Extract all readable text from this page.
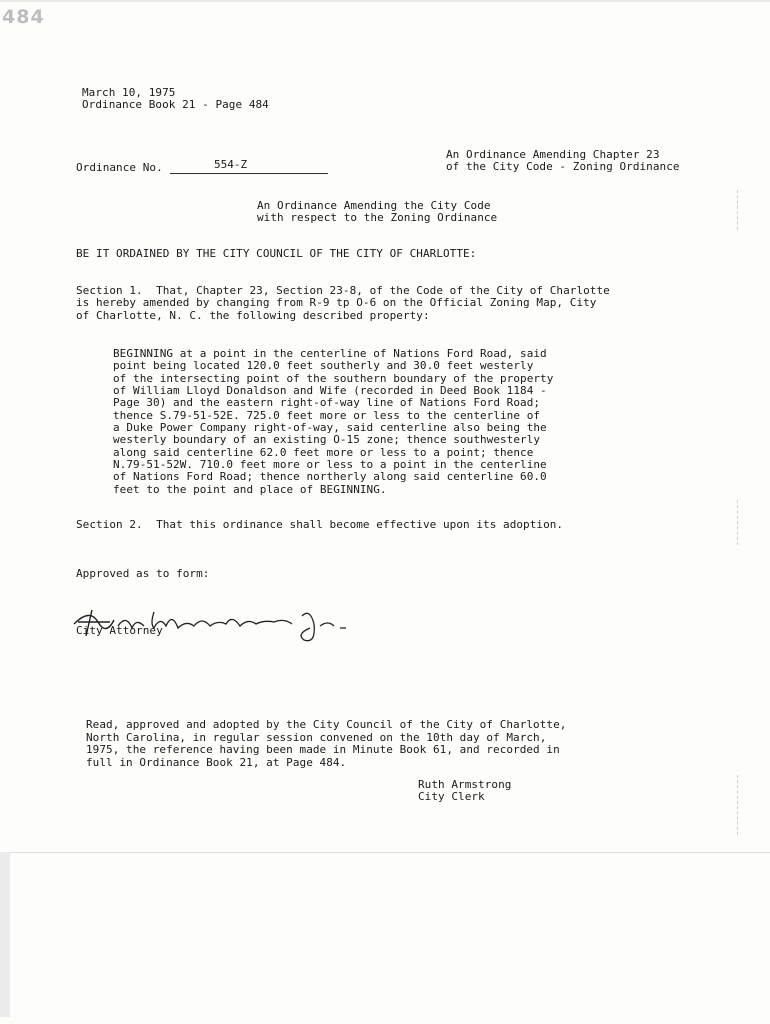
484
March 10, 1975
Ordinance Book 21 - Page 484
Ordinance No.	554-Z
An Ordinance Amending Chapter 23
of the City Code - Zoning Ordinance
An Ordinance Amending the City Code
with respect to the Zoning Ordinance
BE IT ORDAINED BY THE CITY COUNCIL OF THE CITY OF CHARLOTTE:
Section 1.  That, Chapter 23, Section 23-8, of the Code of the City of Charlotte
is hereby amended by changing from R-9 tp O-6 on the Official Zoning Map, City
of Charlotte, N. C. the following described property:
BEGINNING at a point in the centerline of Nations Ford Road, said
point being located 120.0 feet southerly and 30.0 feet westerly
of the intersecting point of the southern boundary of the property
of William Lloyd Donaldson and Wife (recorded in Deed Book 1184 -
Page 30) and the eastern right-of-way line of Nations Ford Road;
thence S.79-51-52E. 725.0 feet more or less to the centerline of
a Duke Power Company right-of-way, said centerline also being the
westerly boundary of an existing O-15 zone; thence southwesterly
along said centerline 62.0 feet more or less to a point; thence
N.79-51-52W. 710.0 feet more or less to a point in the centerline
of Nations Ford Road; thence northerly along said centerline 60.0
feet to the point and place of BEGINNING.
Section 2.  That this ordinance shall become effective upon its adoption.
Approved as to form:
City Attorney
Read, approved and adopted by the City Council of the City of Charlotte,
North Carolina, in regular session convened on the 10th day of March,
1975, the reference having been made in Minute Book 61, and recorded in
full in Ordinance Book 21, at Page 484.
Ruth Armstrong
City Clerk
